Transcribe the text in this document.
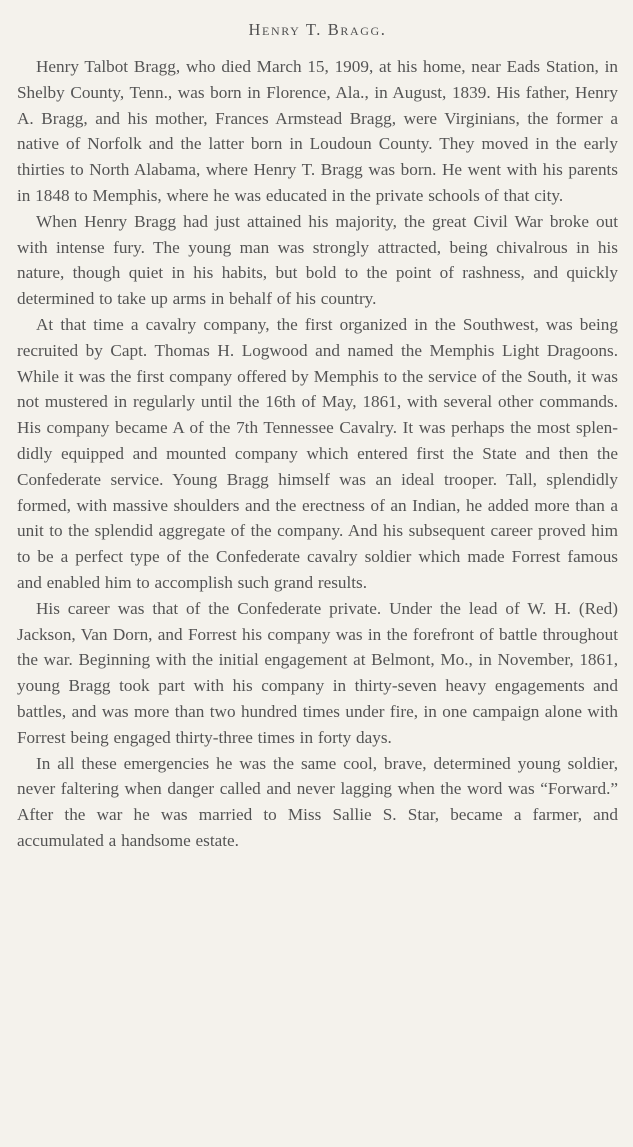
Henry T. Bragg.

Henry Talbot Bragg, who died March 15, 1909, at his home, near Eads Station, in Shelby County, Tenn., was born in Florence, Ala., in August, 1839. His father, Henry A. Bragg, and his mother, Frances Armstead Bragg, were Virginians, the former a native of Norfolk and the latter born in Loudoun County. They moved in the early thirties to North Alabama, where Henry T. Bragg was born. He went with his parents in 1848 to Memphis, where he was educated in the private schools of that city.

When Henry Bragg had just attained his majority, the great Civil War broke out with intense fury. The young man was strongly attracted, being chivalrous in his nature, though quiet in his habits, but bold to the point of rashness, and quickly determined to take up arms in behalf of his country.

At that time a cavalry company, the first organized in the Southwest, was being recruited by Capt. Thomas H. Logwood and named the Memphis Light Dragoons. While it was the first company offered by Memphis to the service of the South, it was not mustered in regularly until the 16th of May, 1861, with several other commands. His company became A of the 7th Tennessee Cavalry. It was perhaps the most splendidly equipped and mounted company which entered first the State and then the Confederate service. Young Bragg himself was an ideal trooper. Tall, splendidly formed, with massive shoulders and the erectness of an Indian, he added more than a unit to the splendid aggregate of the company. And his subsequent career proved him to be a perfect type of the Confederate cavalry soldier which made Forrest famous and enabled him to accomplish such grand results.

His career was that of the Confederate private. Under the lead of W. H. (Red) Jackson, Van Dorn, and Forrest his company was in the forefront of battle throughout the war. Beginning with the initial engagement at Belmont, Mo., in November, 1861, young Bragg took part with his company in thirty-seven heavy engagements and battles, and was more than two hundred times under fire, in one campaign alone with Forrest being engaged thirty-three times in forty days.

In all these emergencies he was the same cool, brave, determined young soldier, never faltering when danger called and never lagging when the word was “Forward.” After the war he was married to Miss Sallie S. Star, became a farmer, and accumulated a handsome estate.
